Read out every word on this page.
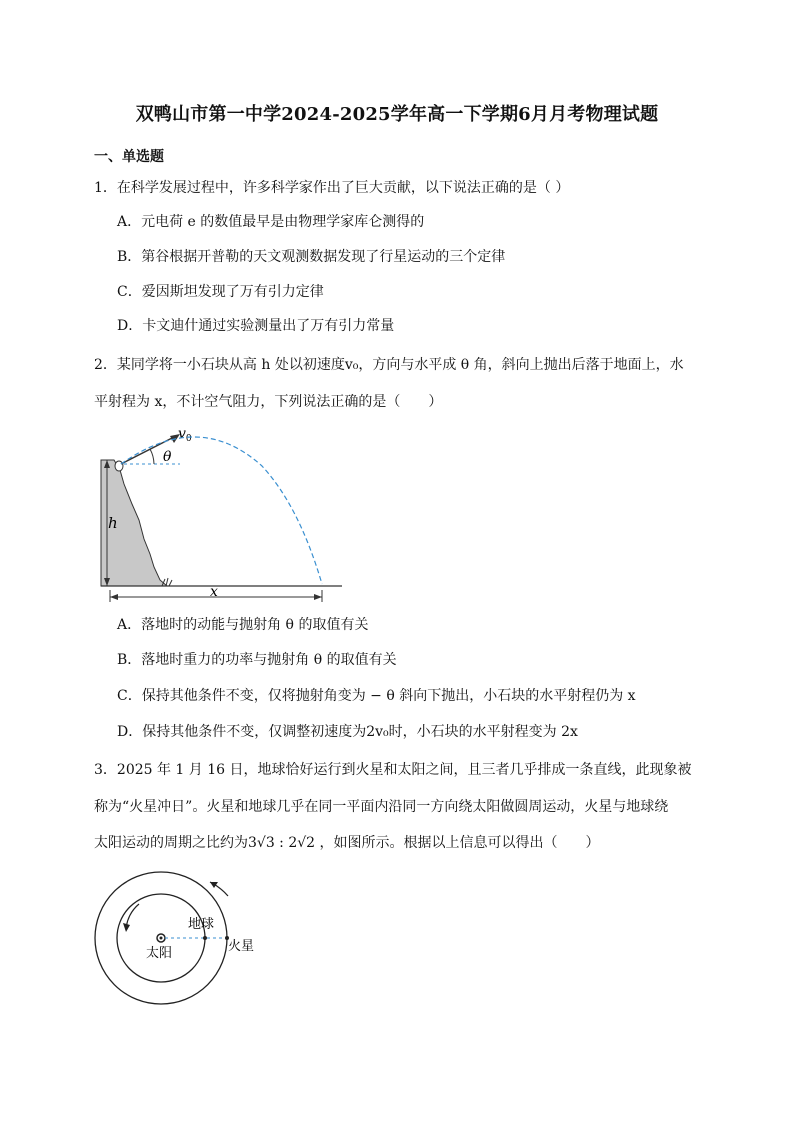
双鸭山市第一中学2024-2025学年高一下学期6月月考物理试题
一、单选题
1．在科学发展过程中，许多科学家作出了巨大贡献，以下说法正确的是（ ）
A．元电荷 e 的数值最早是由物理学家库仑测得的
B．第谷根据开普勒的天文观测数据发现了行星运动的三个定律
C．爱因斯坦发现了万有引力定律
D．卡文迪什通过实验测量出了万有引力常量
2．某同学将一小石块从高 h 处以初速度v₀，方向与水平成 θ 角，斜向上抛出后落于地面上，水
平射程为 x，不计空气阻力，下列说法正确的是（　　）
h
x
$v_0$
θ
A．落地时的动能与抛射角 θ 的取值有关
B．落地时重力的功率与抛射角 θ 的取值有关
C．保持其他条件不变，仅将抛射角变为 − θ 斜向下抛出，小石块的水平射程仍为 x
D．保持其他条件不变，仅调整初速度为2v₀时，小石块的水平射程变为 2x
3．2025 年 1 月 16 日，地球恰好运行到火星和太阳之间，且三者几乎排成一条直线，此现象被
称为“火星冲日”。火星和地球几乎在同一平面内沿同一方向绕太阳做圆周运动，火星与地球绕
太阳运动的周期之比约为3√3 : 2√2 ，如图所示。根据以上信息可以得出（　　）
太阳
地球
火星
